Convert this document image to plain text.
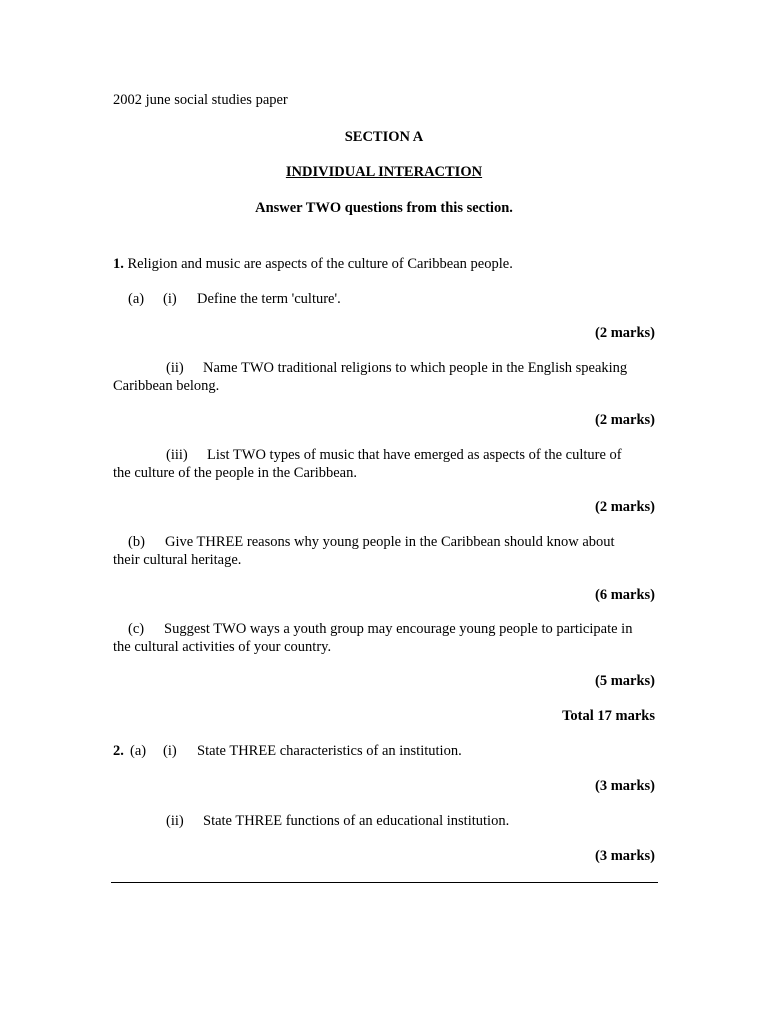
2002 june social studies paper
SECTION A
INDIVIDUAL INTERACTION
Answer TWO questions from this section.
1. Religion and music are aspects of the culture of Caribbean people.
(a) (i) Define the term 'culture'.
(2 marks)
(ii) Name TWO traditional religions to which people in the English speaking
Caribbean belong.
(2 marks)
(iii) List TWO types of music that have emerged as aspects of the culture of
the culture of the people in the Caribbean.
(2 marks)
(b) Give THREE reasons why young people in the Caribbean should know about
their cultural heritage.
(6 marks)
(c) Suggest TWO ways a youth group may encourage young people to participate in
the cultural activities of your country.
(5 marks)
Total 17 marks
2. (a) (i) State THREE characteristics of an institution.
(3 marks)
(ii) State THREE functions of an educational institution.
(3 marks)
